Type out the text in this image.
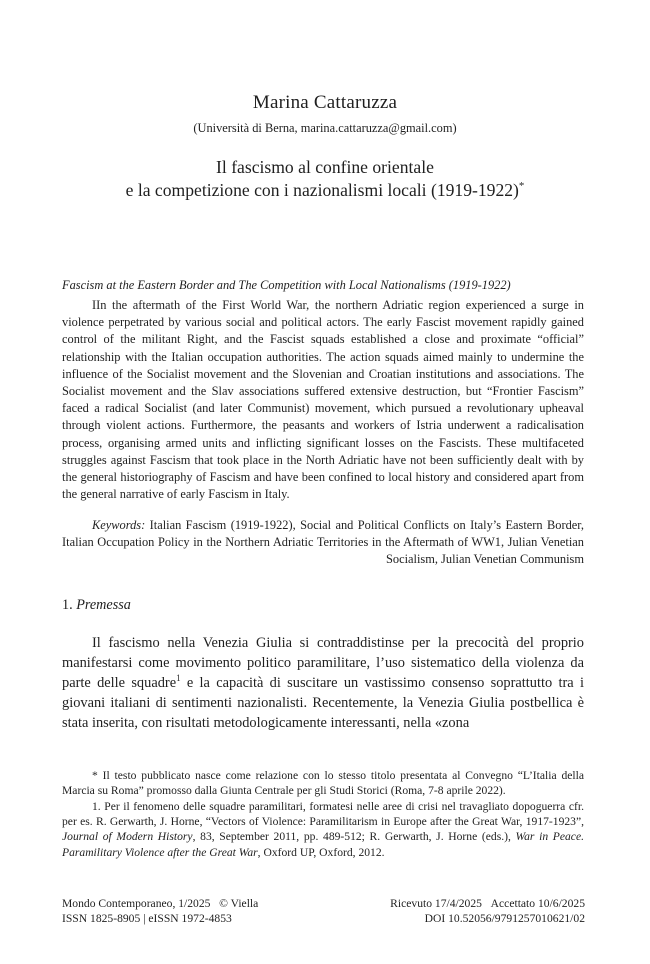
Marina Cattaruzza
(Università di Berna, marina.cattaruzza@gmail.com)
Il fascismo al confine orientale
e la competizione con i nazionalismi locali (1919-1922)*
Fascism at the Eastern Border and The Competition with Local Nationalisms (1919-1922)

IIn the aftermath of the First World War, the northern Adriatic region experienced a surge in violence perpetrated by various social and political actors. The early Fascist movement rapidly gained control of the militant Right, and the Fascist squads established a close and proximate “official” relationship with the Italian occupation authorities. The action squads aimed mainly to undermine the influence of the Socialist movement and the Slovenian and Croatian institutions and associations. The Socialist movement and the Slav associations suffered extensive destruction, but “Frontier Fascism” faced a radical Socialist (and later Communist) movement, which pursued a revolutionary upheaval through violent actions. Furthermore, the peasants and workers of Istria underwent a radicalisation process, organising armed units and inflicting significant losses on the Fascists. These multifaceted struggles against Fascism that took place in the North Adriatic have not been sufficiently dealt with by the general historiography of Fascism and have been confined to local history and considered apart from the general narrative of early Fascism in Italy.

Keywords: Italian Fascism (1919-1922), Social and Political Conflicts on Italy’s Eastern Border, Italian Occupation Policy in the Northern Adriatic Territories in the Aftermath of WW1, Julian Venetian Socialism, Julian Venetian Communism

1. Premessa

Il fascismo nella Venezia Giulia si contraddistinse per la precocità del proprio manifestarsi come movimento politico paramilitare, l’uso sistematico della violenza da parte delle squadre$^1$ e la capacità di suscitare un vastissimo consenso soprattutto tra i giovani italiani di sentimenti nazionalisti. Recentemente, la Venezia Giulia postbellica è stata inserita, con risultati metodologicamente interessanti, nella «zona

* Il testo pubblicato nasce come relazione con lo stesso titolo presentata al Convegno “L’Italia della Marcia su Roma” promosso dalla Giunta Centrale per gli Studi Storici (Roma, 7-8 aprile 2022).

1. Per il fenomeno delle squadre paramilitari, formatesi nelle aree di crisi nel travagliato dopoguerra cfr. per es. R. Gerwarth, J. Horne, “Vectors of Violence: Paramilitarism in Europe after the Great War, 1917-1923”, Journal of Modern History, 83, September 2011, pp. 489-512; R. Gerwarth, J. Horne (eds.), War in Peace. Paramilitary Violence after the Great War, Oxford UP, Oxford, 2012.

Mondo Contemporaneo, 1/2025 © Viella
ISSN 1825-8905 | eISSN 1972-4853
Ricevuto 17/4/2025 Accettato 10/6/2025
DOI 10.52056/9791257010621/02
